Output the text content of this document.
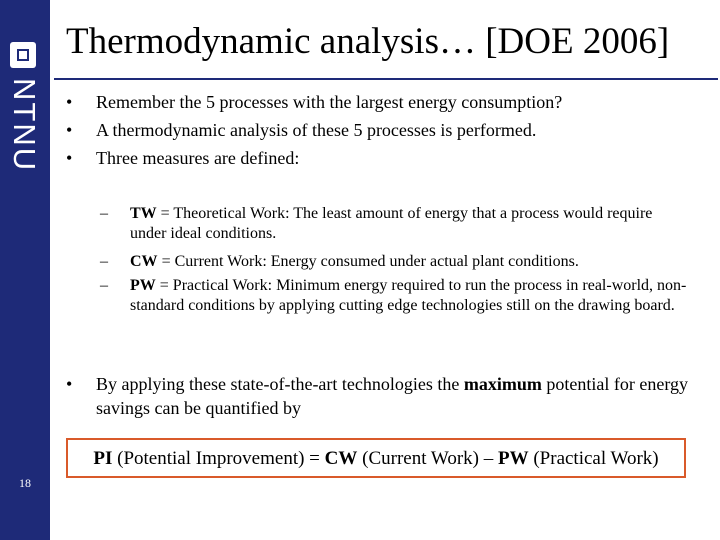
NTNU
18
Thermodynamic analysis… [DOE 2006]
•	Remember the 5 processes with the largest energy consumption?
•	A thermodynamic analysis of these 5 processes is performed.
•	Three measures are defined:
–	TW = Theoretical Work: The least amount of energy that a process would require under ideal conditions.
–	CW = Current Work: Energy consumed under actual plant conditions.
–	PW = Practical Work: Minimum energy required to run the process in real-world, non-standard conditions by applying cutting edge technologies still on the drawing board.
•	By applying these state-of-the-art technologies the maximum potential for energy savings can be quantified by
PI (Potential Improvement) = CW (Current Work) – PW (Practical Work)
